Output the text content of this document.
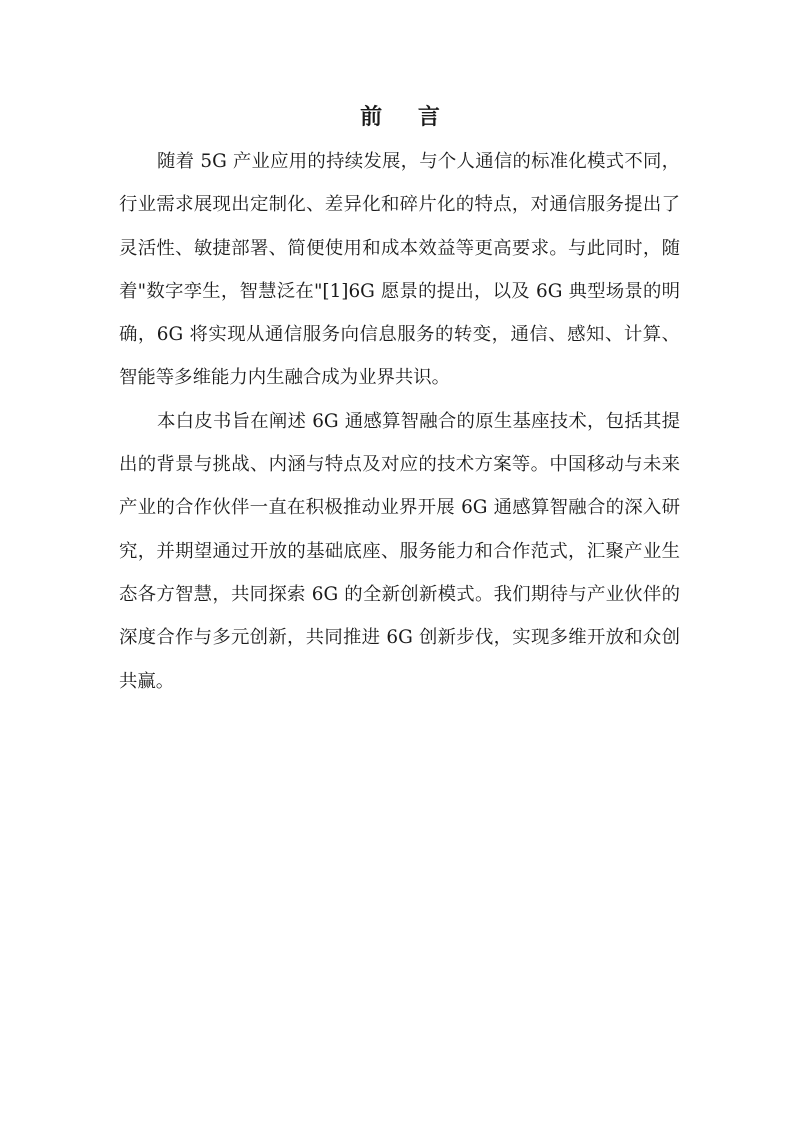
前 言
随着 5G 产业应用的持续发展，与个人通信的标准化模式不同，
行业需求展现出定制化、差异化和碎片化的特点，对通信服务提出了
灵活性、敏捷部署、简便使用和成本效益等更高要求。与此同时，随
着"数字孪生，智慧泛在"[1]6G 愿景的提出，以及 6G 典型场景的明
确，6G 将实现从通信服务向信息服务的转变，通信、感知、计算、
智能等多维能力内生融合成为业界共识。
本白皮书旨在阐述 6G 通感算智融合的原生基座技术，包括其提
出的背景与挑战、内涵与特点及对应的技术方案等。中国移动与未来
产业的合作伙伴一直在积极推动业界开展 6G 通感算智融合的深入研
究，并期望通过开放的基础底座、服务能力和合作范式，汇聚产业生
态各方智慧，共同探索 6G 的全新创新模式。我们期待与产业伙伴的
深度合作与多元创新，共同推进 6G 创新步伐，实现多维开放和众创
共赢。
